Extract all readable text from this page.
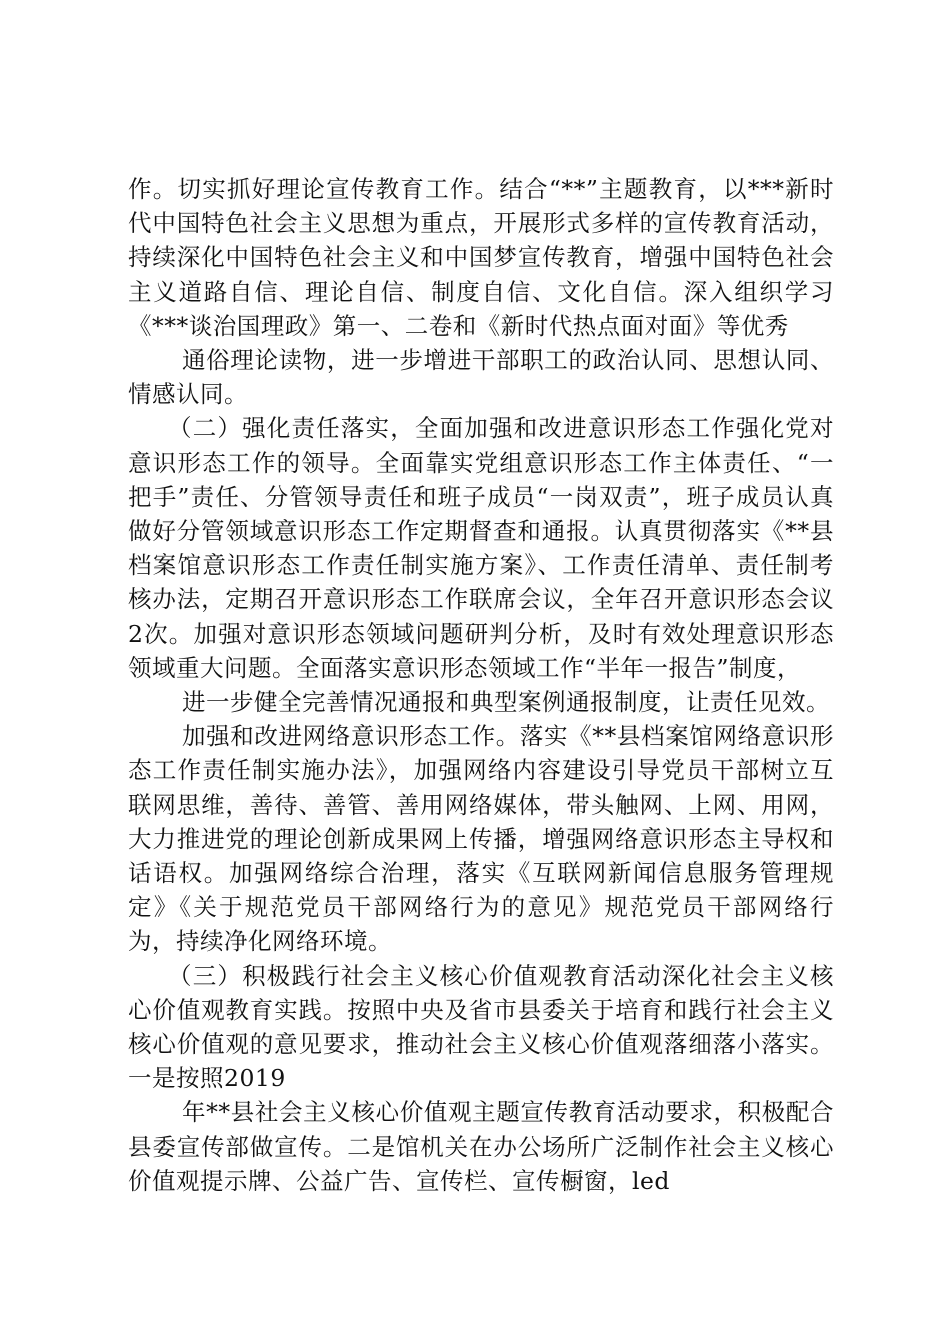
作。切实抓好理论宣传教育工作。结合“**”主题教育，以***新时代中国特色社会主义思想为重点，开展形式多样的宣传教育活动，持续深化中国特色社会主义和中国梦宣传教育，增强中国特色社会主义道路自信、理论自信、制度自信、文化自信。深入组织学习《***谈治国理政》第一、二卷和《新时代热点面对面》等优秀

通俗理论读物，进一步增进干部职工的政治认同、思想认同、情感认同。

（二）强化责任落实，全面加强和改进意识形态工作强化党对意识形态工作的领导。全面靠实党组意识形态工作主体责任、“一把手”责任、分管领导责任和班子成员“一岗双责”，班子成员认真做好分管领域意识形态工作定期督查和通报。认真贯彻落实《**县档案馆意识形态工作责任制实施方案》、工作责任清单、责任制考核办法，定期召开意识形态工作联席会议，全年召开意识形态会议2次。加强对意识形态领域问题研判分析，及时有效处理意识形态领域重大问题。全面落实意识形态领域工作“半年一报告”制度，

进一步健全完善情况通报和典型案例通报制度，让责任见效。

加强和改进网络意识形态工作。落实《**县档案馆网络意识形态工作责任制实施办法》，加强网络内容建设引导党员干部树立互联网思维，善待、善管、善用网络媒体，带头触网、上网、用网，大力推进党的理论创新成果网上传播，增强网络意识形态主导权和话语权。加强网络综合治理，落实《互联网新闻信息服务管理规定》《关于规范党员干部网络行为的意见》规范党员干部网络行为，持续净化网络环境。

（三）积极践行社会主义核心价值观教育活动深化社会主义核心价值观教育实践。按照中央及省市县委关于培育和践行社会主义核心价值观的意见要求，推动社会主义核心价值观落细落小落实。一是按照2019

年**县社会主义核心价值观主题宣传教育活动要求，积极配合县委宣传部做宣传。二是馆机关在办公场所广泛制作社会主义核心价值观提示牌、公益广告、宣传栏、宣传橱窗，led
